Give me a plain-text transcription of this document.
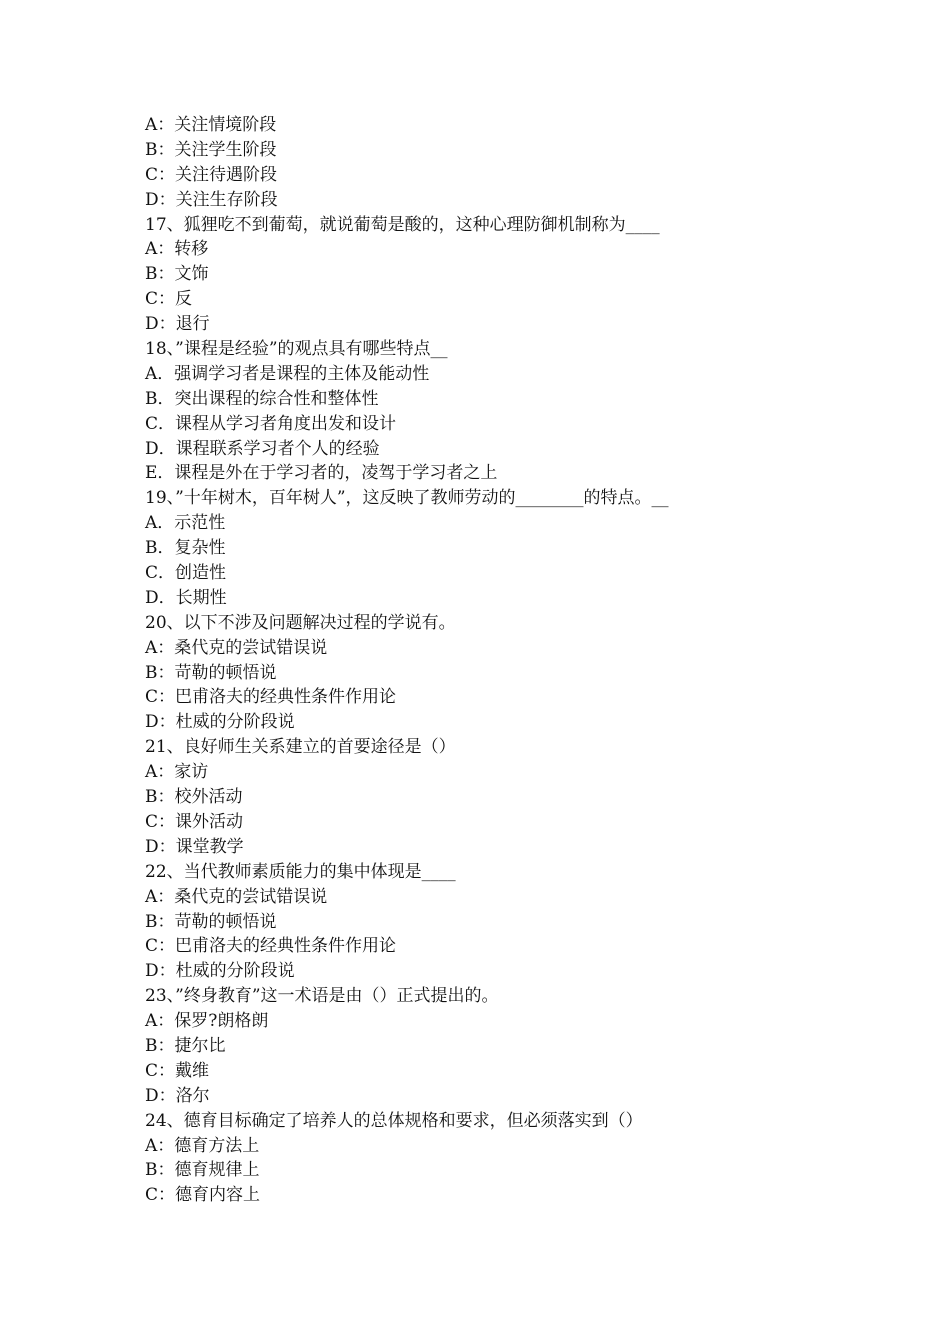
A：关注情境阶段
B：关注学生阶段
C：关注待遇阶段
D：关注生存阶段
17、狐狸吃不到葡萄，就说葡萄是酸的，这种心理防御机制称为____
A：转移
B：文饰
C：反
D：退行
18、”课程是经验”的观点具有哪些特点__
A．强调学习者是课程的主体及能动性
B．突出课程的综合性和整体性
C．课程从学习者角度出发和设计
D．课程联系学习者个人的经验
E．课程是外在于学习者的，凌驾于学习者之上
19、”十年树木，百年树人”，这反映了教师劳动的________的特点。__
A．示范性
B．复杂性
C．创造性
D．长期性
20、以下不涉及问题解决过程的学说有。
A：桑代克的尝试错误说
B：苛勒的顿悟说
C：巴甫洛夫的经典性条件作用论
D：杜威的分阶段说
21、良好师生关系建立的首要途径是（）
A：家访
B：校外活动
C：课外活动
D：课堂教学
22、当代教师素质能力的集中体现是____
A：桑代克的尝试错误说
B：苛勒的顿悟说
C：巴甫洛夫的经典性条件作用论
D：杜威的分阶段说
23、”终身教育”这一术语是由（）正式提出的。
A：保罗?朗格朗
B：捷尔比
C：戴维
D：洛尔
24、德育目标确定了培养人的总体规格和要求，但必须落实到（）
A：德育方法上
B：德育规律上
C：德育内容上
